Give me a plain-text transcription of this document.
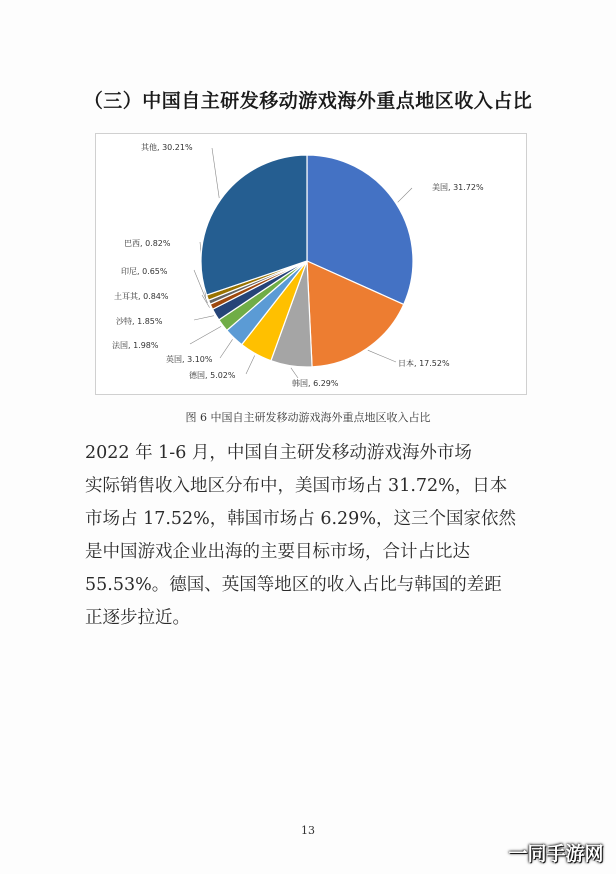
（三）中国自主研发移动游戏海外重点地区收入占比
美国, 31.72%
日本, 17.52%
韩国, 6.29%
德国, 5.02%
英国, 3.10%
法国, 1.98%
沙特, 1.85%
土耳其, 0.84%
印尼, 0.65%
巴西, 0.82%
其他, 30.21%
图 6 中国自主研发移动游戏海外重点地区收入占比
2022 年 1-6 月，中国自主研发移动游戏海外市场
实际销售收入地区分布中，美国市场占 31.72%，日本
市场占 17.52%，韩国市场占 6.29%，这三个国家依然
是中国游戏企业出海的主要目标市场，合计占比达
55.53%。德国、英国等地区的收入占比与韩国的差距
正逐步拉近。
13
一同手游网
